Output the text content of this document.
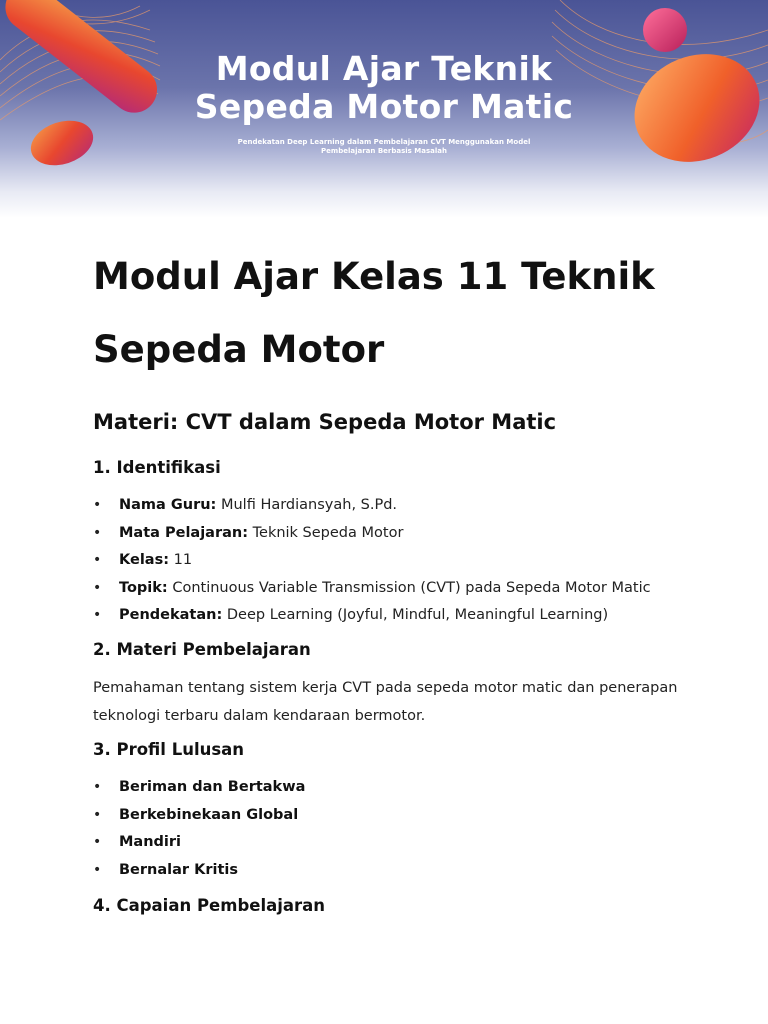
Modul Ajar Teknik
Sepeda Motor Matic

Pendekatan Deep Learning dalam Pembelajaran CVT Menggunakan Model Pembelajaran Berbasis Masalah

Modul Ajar Kelas 11 Teknik
Sepeda Motor
Materi: CVT dalam Sepeda Motor Matic
1. Identifikasi
• Nama Guru: Mulfi Hardiansyah, S.Pd.
• Mata Pelajaran: Teknik Sepeda Motor
• Kelas: 11
• Topik: Continuous Variable Transmission (CVT) pada Sepeda Motor Matic
• Pendekatan: Deep Learning (Joyful, Mindful, Meaningful Learning)
2. Materi Pembelajaran

Pemahaman tentang sistem kerja CVT pada sepeda motor matic dan penerapan teknologi terbaru dalam kendaraan bermotor.

3. Profil Lulusan
• Beriman dan Bertakwa
• Berkebinekaan Global
• Mandiri
• Bernalar Kritis
4. Capaian Pembelajaran
